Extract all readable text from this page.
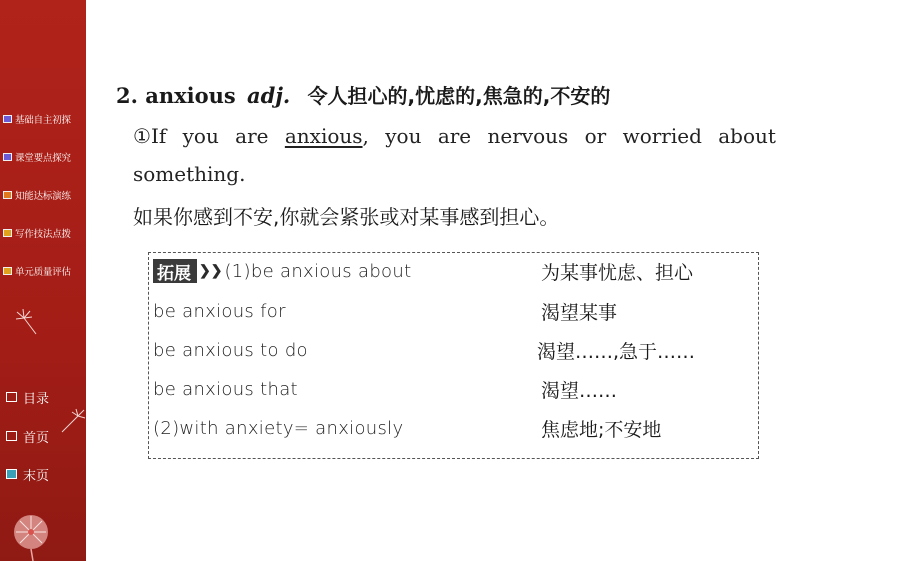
基础自主初探
课堂要点探究
知能达标演练
写作技法点拨
单元质量评估
目录
首页
末页
2. anxious adj. 令人担心的,忧虑的,焦急的,不安的
①If you are anxious, you are nervous or worried about
something.
如果你感到不安,你就会紧张或对某事感到担心。
拓展 ❯❯ (1)be anxious about	为某事忧虑、担心
be anxious for	渴望某事
be anxious to do	渴望……,急于……
be anxious that	渴望……
(2)with anxiety= anxiously	焦虑地;不安地
